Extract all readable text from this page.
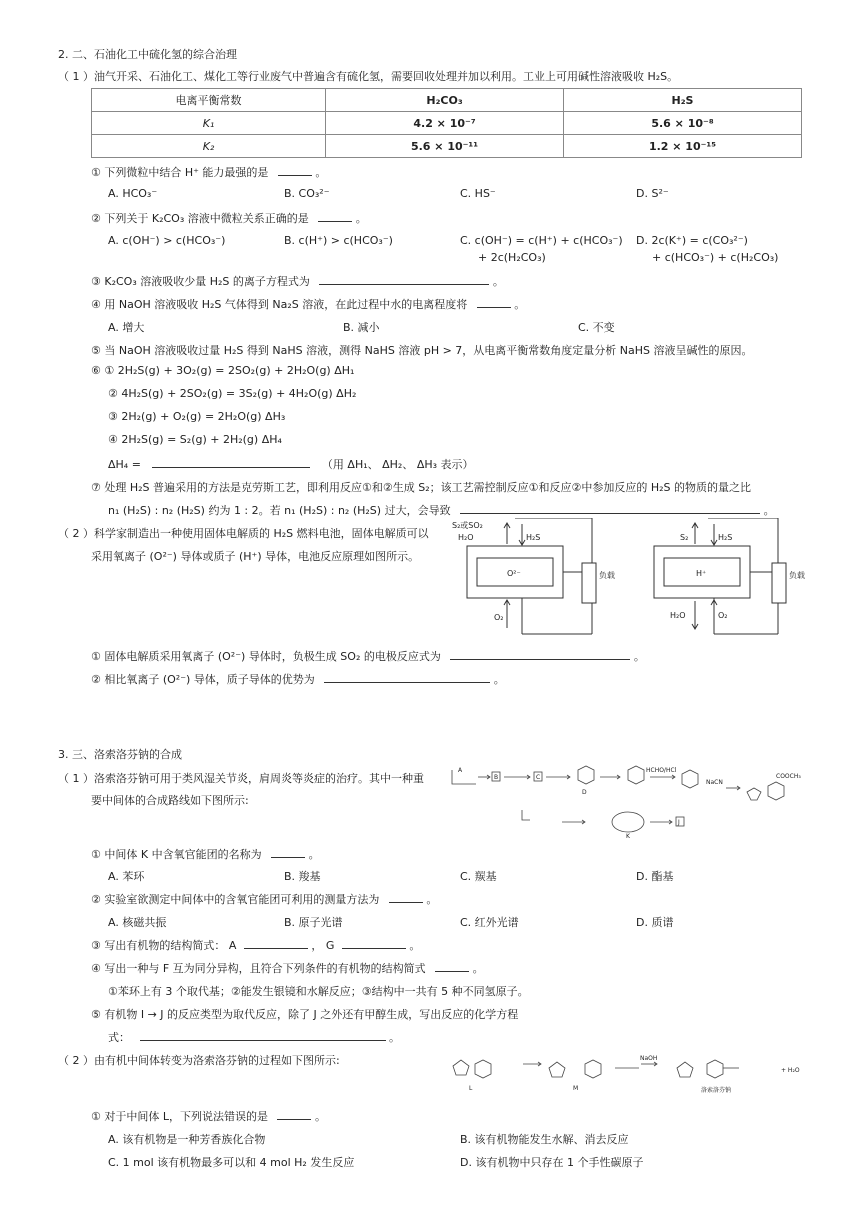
2. 二、石油化工中硫化氢的综合治理
（ 1 ）油气开采、石油化工、煤化工等行业废气中普遍含有硫化氢，需要回收处理并加以利用。工业上可用碱性溶液吸收 H₂S。
电离平衡常数	H₂CO₃	H₂S
K₁	4.2 × 10⁻⁷	5.6 × 10⁻⁸
K₂	5.6 × 10⁻¹¹	1.2 × 10⁻¹⁵
① 下列微粒中结合 H⁺ 能力最强的是	。
A. HCO₃⁻	B. CO₃²⁻	C. HS⁻	D. S²⁻
② 下列关于 K₂CO₃ 溶液中微粒关系正确的是	。
A. c(OH⁻) > c(HCO₃⁻)	B. c(H⁺) > c(HCO₃⁻)	C. c(OH⁻) = c(H⁺) + c(HCO₃⁻)
+ 2c(H₂CO₃)
D. 2c(K⁺) = c(CO₃²⁻)
+ c(HCO₃⁻) + c(H₂CO₃)
③ K₂CO₃ 溶液吸收少量 H₂S 的离子方程式为	。
④ 用 NaOH 溶液吸收 H₂S 气体得到 Na₂S 溶液，在此过程中水的电离程度将	。
A. 增大	B. 减小	C. 不变
⑤ 当 NaOH 溶液吸收过量 H₂S 得到 NaHS 溶液，测得 NaHS 溶液 pH > 7，从电离平衡常数角度定量分析 NaHS 溶液呈碱性的原因。
⑥ ① 2H₂S(g) + 3O₂(g) = 2SO₂(g) + 2H₂O(g) ΔH₁
② 4H₂S(g) + 2SO₂(g) = 3S₂(g) + 4H₂O(g) ΔH₂
③ 2H₂(g) + O₂(g) = 2H₂O(g) ΔH₃
④ 2H₂S(g) = S₂(g) + 2H₂(g) ΔH₄
ΔH₄ =	（用 ΔH₁、 ΔH₂、 ΔH₃ 表示）
⑦ 处理 H₂S 普遍采用的方法是克劳斯工艺，即利用反应①和②生成 S₂；该工艺需控制反应①和反应②中参加反应的 H₂S 的物质的量之比
n₁ (H₂S) : n₂ (H₂S) 约为 1 : 2。若 n₁ (H₂S) : n₂ (H₂S) 过大，会导致	。
（ 2 ）科学家制造出一种使用固体电解质的 H₂S 燃料电池，固体电解质可以
采用氧离子 (O²⁻) 导体或质子 (H⁺) 导体，电池反应原理如图所示。
S₂或SO₂
H₂O	H₂S
O²⁻
O₂
负载
S₂	H₂S
H⁺
H₂O	O₂
负载
① 固体电解质采用氧离子 (O²⁻) 导体时，负极生成 SO₂ 的电极反应式为	。
② 相比氧离子 (O²⁻) 导体，质子导体的优势为	。
3. 三、洛索洛芬钠的合成
（ 1 ）洛索洛芬钠可用于类风湿关节炎，肩周炎等炎症的治疗。其中一种重
要中间体的合成路线如下图所示:
A
B	C
D
HCHO/HCl
NaCN
COOCH₃
J
K
① 中间体 K 中含氧官能团的名称为	。
A. 苯环	B. 羧基	C. 羰基	D. 酯基
② 实验室欲测定中间体中的含氧官能团可利用的测量方法为	。
A. 核磁共振	B. 原子光谱	C. 红外光谱	D. 质谱
③ 写出有机物的结构简式： A	， G	。
④ 写出一种与 F 互为同分异构，且符合下列条件的有机物的结构简式	。
①苯环上有 3 个取代基；②能发生银镜和水解反应；③结构中一共有 5 种不同氢原子。
⑤ 有机物 I → J 的反应类型为取代反应，除了 J 之外还有甲醇生成，写出反应的化学方程
式：	。
（ 2 ）由有机中间体转变为洛索洛芬钠的过程如下图所示:
L	M
NaOH
洛索洛芬钠
+ H₂O
① 对于中间体 L，下列说法错误的是	。
A. 该有机物是一种芳香族化合物	B. 该有机物能发生水解、消去反应
C. 1 mol 该有机物最多可以和 4 mol H₂ 发生反应	D. 该有机物中只存在 1 个手性碳原子
